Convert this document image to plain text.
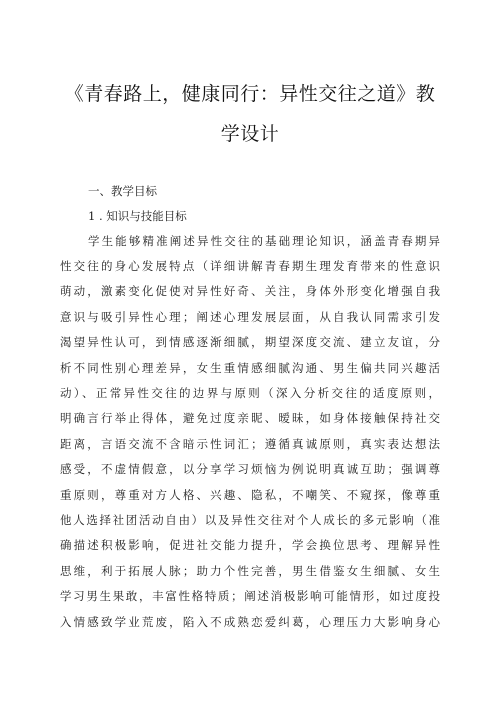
《青春路上，健康同行：异性交往之道》教
学设计
一、教学目标
1 . 知识与技能目标
学生能够精准阐述异性交往的基础理论知识，涵盖青春期异
性交往的身心发展特点（详细讲解青春期生理发育带来的性意识
萌动，激素变化促使对异性好奇、关注，身体外形变化增强自我
意识与吸引异性心理；阐述心理发展层面，从自我认同需求引发
渴望异性认可，到情感逐渐细腻，期望深度交流、建立友谊，分
析不同性别心理差异，女生重情感细腻沟通、男生偏共同兴趣活
动）、正常异性交往的边界与原则（深入分析交往的适度原则，
明确言行举止得体，避免过度亲昵、暧昧，如身体接触保持社交
距离，言语交流不含暗示性词汇；遵循真诚原则，真实表达想法
感受，不虚情假意，以分享学习烦恼为例说明真诚互助；强调尊
重原则，尊重对方人格、兴趣、隐私，不嘲笑、不窥探，像尊重
他人选择社团活动自由）以及异性交往对个人成长的多元影响（准
确描述积极影响，促进社交能力提升，学会换位思考、理解异性
思维，利于拓展人脉；助力个性完善，男生借鉴女生细腻、女生
学习男生果敢，丰富性格特质；阐述消极影响可能情形，如过度投
入情感致学业荒废，陷入不成熟恋爱纠葛，心理压力大影响身心
